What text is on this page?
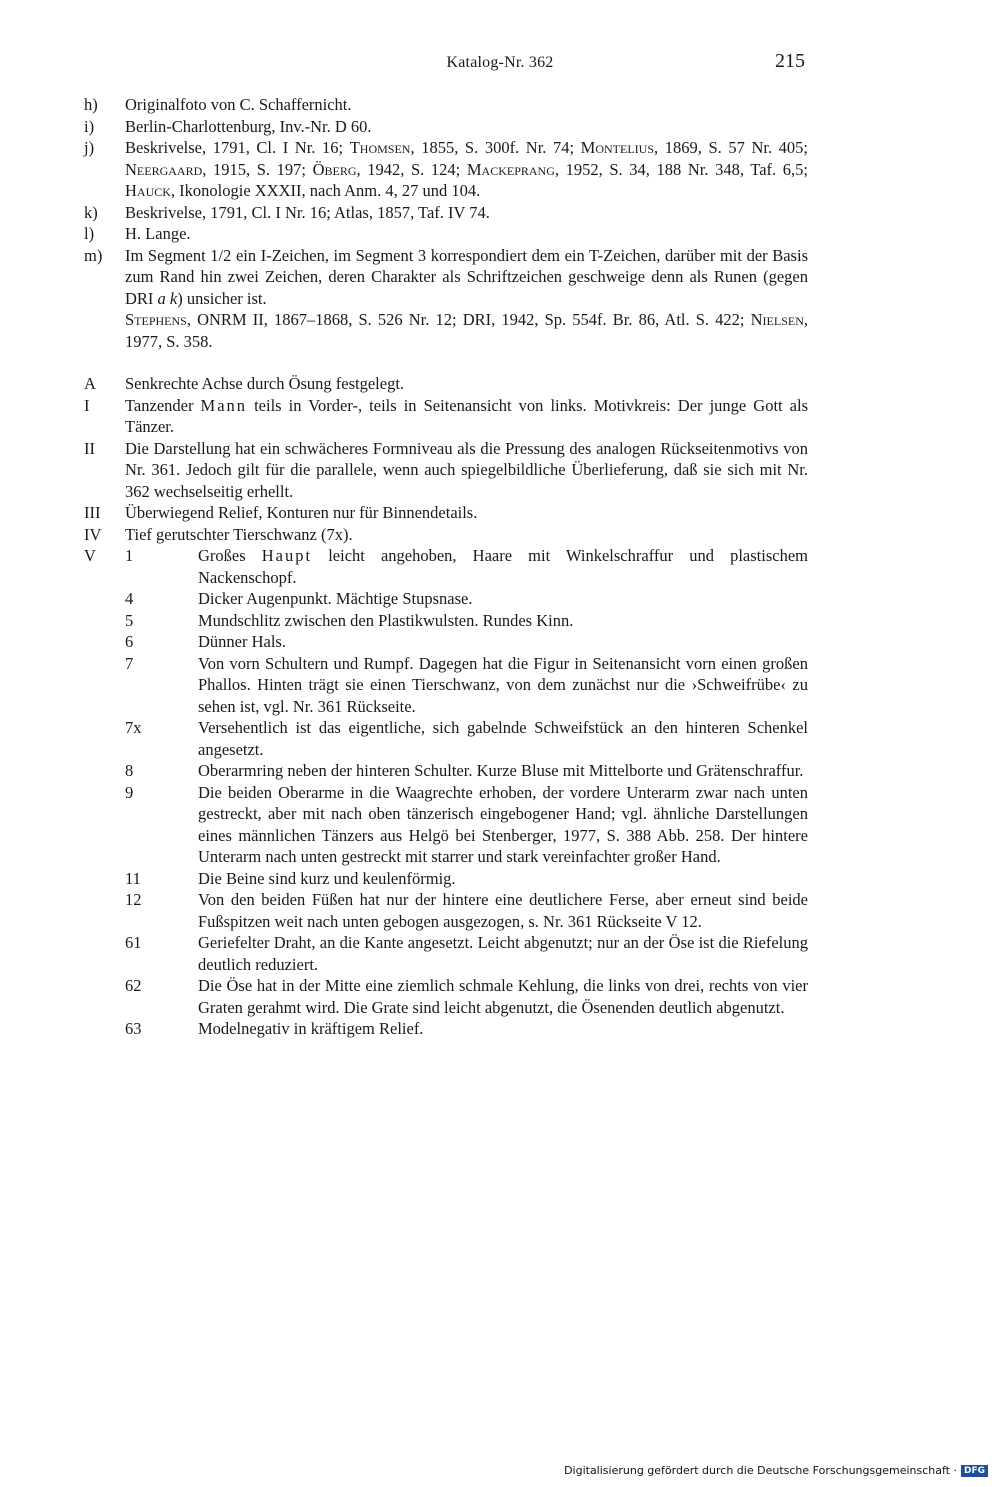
Katalog-Nr. 362	215
h)	Originalfoto von C. Schaffernicht.
i)	Berlin-Charlottenburg, Inv.-Nr. D 60.
j)	Beskrivelse, 1791, Cl. I Nr. 16; Thomsen, 1855, S. 300f. Nr. 74; Montelius, 1869, S. 57 Nr. 405; Neergaard, 1915, S. 197; Öberg, 1942, S. 124; Mackeprang, 1952, S. 34, 188 Nr. 348, Taf. 6,5; Hauck, Ikonologie XXXII, nach Anm. 4, 27 und 104.
k)	Beskrivelse, 1791, Cl. I Nr. 16; Atlas, 1857, Taf. IV 74.
l)	H. Lange.
m)	Im Segment 1/2 ein I-Zeichen, im Segment 3 korrespondiert dem ein T-Zeichen, darüber mit der Basis zum Rand hin zwei Zeichen, deren Charakter als Schriftzeichen geschweige denn als Runen (gegen DRI a k) unsicher ist.
Stephens, ONRM II, 1867–1868, S. 526 Nr. 12; DRI, 1942, Sp. 554f. Br. 86, Atl. S. 422; Nielsen, 1977, S. 358.
A	Senkrechte Achse durch Ösung festgelegt.
I	Tanzender Mann teils in Vorder-, teils in Seitenansicht von links. Motivkreis: Der junge Gott als Tänzer.
II	Die Darstellung hat ein schwächeres Formniveau als die Pressung des analogen Rückseitenmotivs von Nr. 361. Jedoch gilt für die parallele, wenn auch spiegelbildliche Überlieferung, daß sie sich mit Nr. 362 wechselseitig erhellt.
III	Überwiegend Relief, Konturen nur für Binnendetails.
IV	Tief gerutschter Tierschwanz (7x).
V	1	Großes Haupt leicht angehoben, Haare mit Winkelschraffur und plastischem Nackenschopf.
4	Dicker Augenpunkt. Mächtige Stupsnase.
5	Mundschlitz zwischen den Plastikwulsten. Rundes Kinn.
6	Dünner Hals.
7	Von vorn Schultern und Rumpf. Dagegen hat die Figur in Seitenansicht vorn einen großen Phallos. Hinten trägt sie einen Tierschwanz, von dem zunächst nur die ›Schweifrübe‹ zu sehen ist, vgl. Nr. 361 Rückseite.
7x	Versehentlich ist das eigentliche, sich gabelnde Schweifstück an den hinteren Schenkel angesetzt.
8	Oberarmring neben der hinteren Schulter. Kurze Bluse mit Mittelborte und Grätenschraffur.
9	Die beiden Oberarme in die Waagrechte erhoben, der vordere Unterarm zwar nach unten gestreckt, aber mit nach oben tänzerisch eingebogener Hand; vgl. ähnliche Darstellungen eines männlichen Tänzers aus Helgö bei Stenberger, 1977, S. 388 Abb. 258. Der hintere Unterarm nach unten gestreckt mit starrer und stark vereinfachter großer Hand.
11	Die Beine sind kurz und keulenförmig.
12	Von den beiden Füßen hat nur der hintere eine deutlichere Ferse, aber erneut sind beide Fußspitzen weit nach unten gebogen ausgezogen, s. Nr. 361 Rückseite V 12.
61	Geriefelter Draht, an die Kante angesetzt. Leicht abgenutzt; nur an der Öse ist die Riefelung deutlich reduziert.
62	Die Öse hat in der Mitte eine ziemlich schmale Kehlung, die links von drei, rechts von vier Graten gerahmt wird. Die Grate sind leicht abgenutzt, die Ösenenden deutlich abgenutzt.
63	Modelnegativ in kräftigem Relief.
Digitalisierung gefördert durch die Deutsche Forschungsgemeinschaft · DFG
